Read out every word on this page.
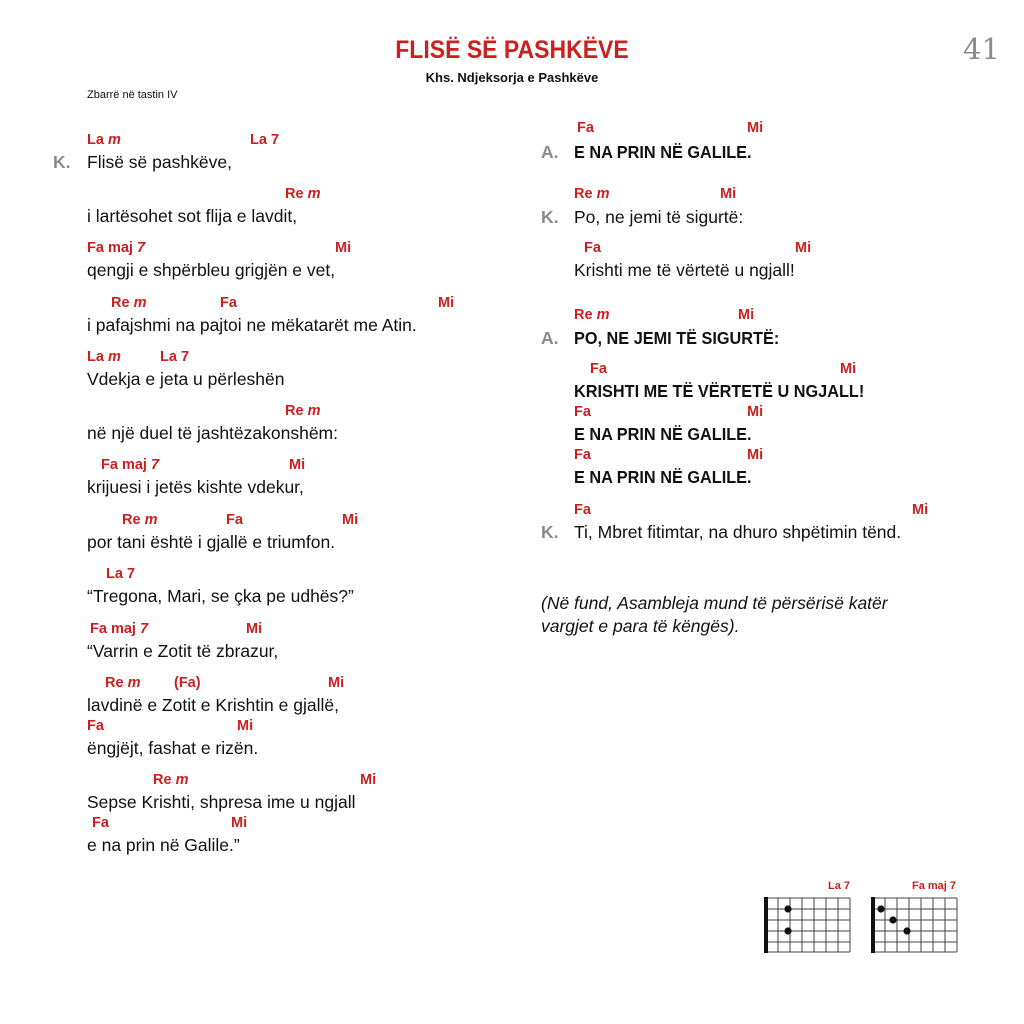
FLISË SË PASHKËVE
Khs. Ndjeksorja e Pashkëve
41
Zbarrë në tastin IV
La m	La 7
K. Flisë së pashkëve,
Re m
i lartësohet sot flija e lavdit,
Fa maj 7	Mi
qengji e shpërbleu grigjën e vet,
Re m	Fa	Mi
i pafajshmi na pajtoi ne mëkatarët me Atin.
La m	La 7
Vdekja e jeta u përleshën
Re m
në një duel të jashtëzakonshëm:
Fa maj 7	Mi
krijuesi i jetës kishte vdekur,
Re m	Fa	Mi
por tani është i gjallë e triumfon.
La 7
“Tregona, Mari, se çka pe udhës?”
Fa maj 7	Mi
“Varrin e Zotit të zbrazur,
Re m (Fa)	Mi
lavdinë e Zotit e Krishtin e gjallë,
Fa	Mi
ëngjëjt, fashat e rizën.
Re m	Mi
Sepse Krishti, shpresa ime u ngjall
Fa	Mi
e na prin në Galile.”
Fa	Mi
A. E NA PRIN NË GALILE.
Re m	Mi
K. Po, ne jemi të sigurtë:
Fa	Mi
Krishti me të vërtetë u ngjall!
Re m	Mi
A. PO, NE JEMI TË SIGURTË:
Fa	Mi
KRISHTI ME TË VËRTETË U NGJALL!
Fa	Mi
E NA PRIN NË GALILE.
Fa	Mi
E NA PRIN NË GALILE.
Fa	Mi
K. Ti, Mbret fitimtar, na dhuro shpëtimin tënd.
(Në fund, Asambleja mund të përsërisë katër
vargjet e para të këngës).
La 7	Fa maj 7
